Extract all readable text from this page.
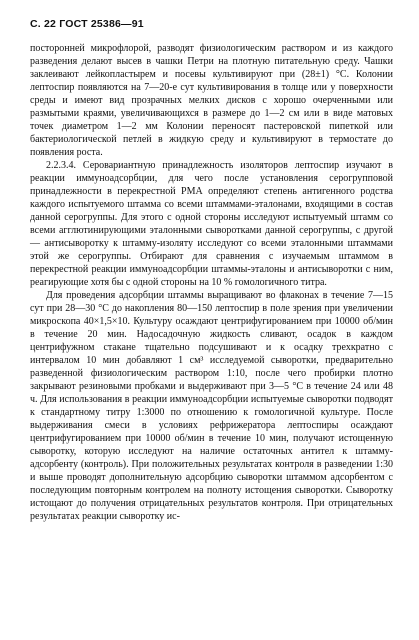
С. 22 ГОСТ 25386—91

посторонней микрофлорой, разводят физиологическим раствором и из каждого разведения делают высев в чашки Петри на плотную питательную среду. Чашки заклеивают лейкопластырем и посевы культивируют при (28±1) °С. Колонии лептоспир появляются на 7—20-е сут культивирования в толще или у поверхности среды и имеют вид прозрачных мелких дисков с хорошо очерченными или размытыми краями, увеличивающихся в размере до 1—2 см или в виде матовых точек диаметром 1—2 мм Колонии переносят пастеровской пипеткой или бактериологической петлей в жидкую среду и культивируют в термостате до появления роста.

2.2.3.4. Серовариантную принадлежность изоляторов лептоспир изучают в реакции иммуноадсорбции, для чего после установления серогрупповой принадлежности в перекрестной РМА определяют степень антигенного родства каждого испытуемого штамма со всеми штаммами-эталонами, входящими в состав данной серогруппы. Для этого с одной стороны исследуют испытуемый штамм со всеми агглютинирующими эталонными сыворотками данной серогруппы, с другой — антисыворотку к штамму-изоляту исследуют со всеми эталонными штаммами этой же серогруппы. Отбирают для сравнения с изучаемым штаммом в перекрестной реакции иммуноадсорбции штаммы-эталоны и антисыворотки с ним, реагирующие хотя бы с одной стороны на 10 % гомологичного титра.

Для проведения адсорбции штаммы выращивают во флаконах в течение 7—15 сут при 28—30 °С до накопления 80—150 лептоспир в поле зрения при увеличении микроскопа 40×1,5×10. Культуру осаждают центрифугированием при 10000 об/мин в течение 20 мин. Надосадочную жидкость сливают, осадок в каждом центрифужном стакане тщательно подсушивают и к осадку трехкратно с интервалом 10 мин добавляют 1 см³ исследуемой сыворотки, предварительно разведенной физиологическим раствором 1:10, после чего пробирки плотно закрывают резиновыми пробками и выдерживают при 3—5 °С в течение 24 или 48 ч. Для использования в реакции иммуноадсорбции испытуемые сыворотки подводят к стандартному титру 1:3000 по отношению к гомологичной культуре. После выдерживания смеси в условиях рефрижератора лептоспиры осаждают центрифугированием при 10000 об/мин в течение 10 мин, получают истощенную сыворотку, которую исследуют на наличие остаточных антител к штамму-адсорбенту (контроль). При положительных результатах контроля в разведении 1:30 и выше проводят дополнительную адсорбцию сыворотки штаммом адсорбентом с последующим повторным контролем на полноту истощения сыворотки. Сыворотку истощают до получения отрицательных результатов контроля. При отрицательных результатах реакции сыворотку ис-
